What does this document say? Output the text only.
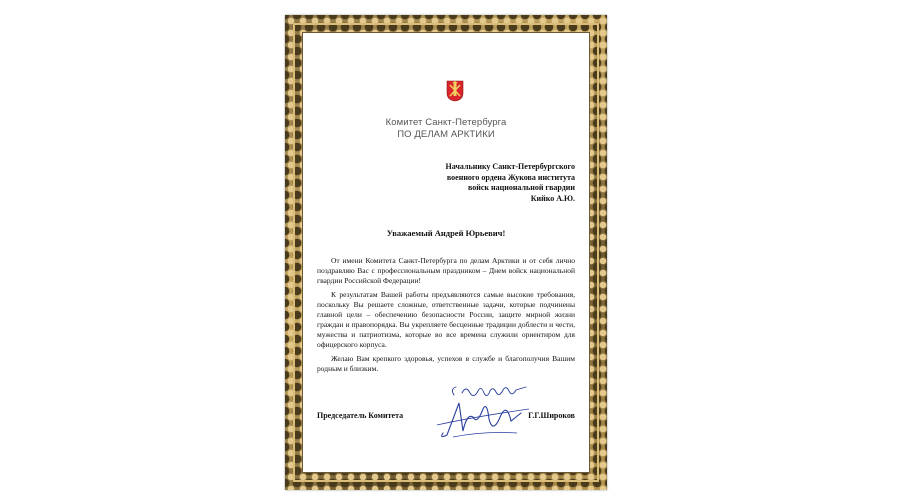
Комитет Санкт-Петербурга
ПО ДЕЛАМ АРКТИКИ
Начальнику Санкт-Петербургского
военного ордена Жукова института
войск национальной гвардии
Кийко А.Ю.
Уважаемый Андрей Юрьевич!

От имени Комитета Санкт-Петербурга по делам Арктики и от себя лично поздравляю Вас с профессиональным праздником – Днем войск национальной гвардии Российской Федерации!

К результатам Вашей работы предъявляются самые высокие требования, поскольку Вы решаете сложные, ответственные задачи, которые подчинены главной цели – обеспечению безопасности России, защите мирной жизни граждан и правопорядка. Вы укрепляете бесценные традиции доблести и чести, мужества и патриотизма, которые во все времена служили ориентиром для офицерского корпуса.

Желаю Вам крепкого здоровья, успехов в службе и благополучия Вашим родным и близким.

Председатель Комитета	Г.Г.Широков
